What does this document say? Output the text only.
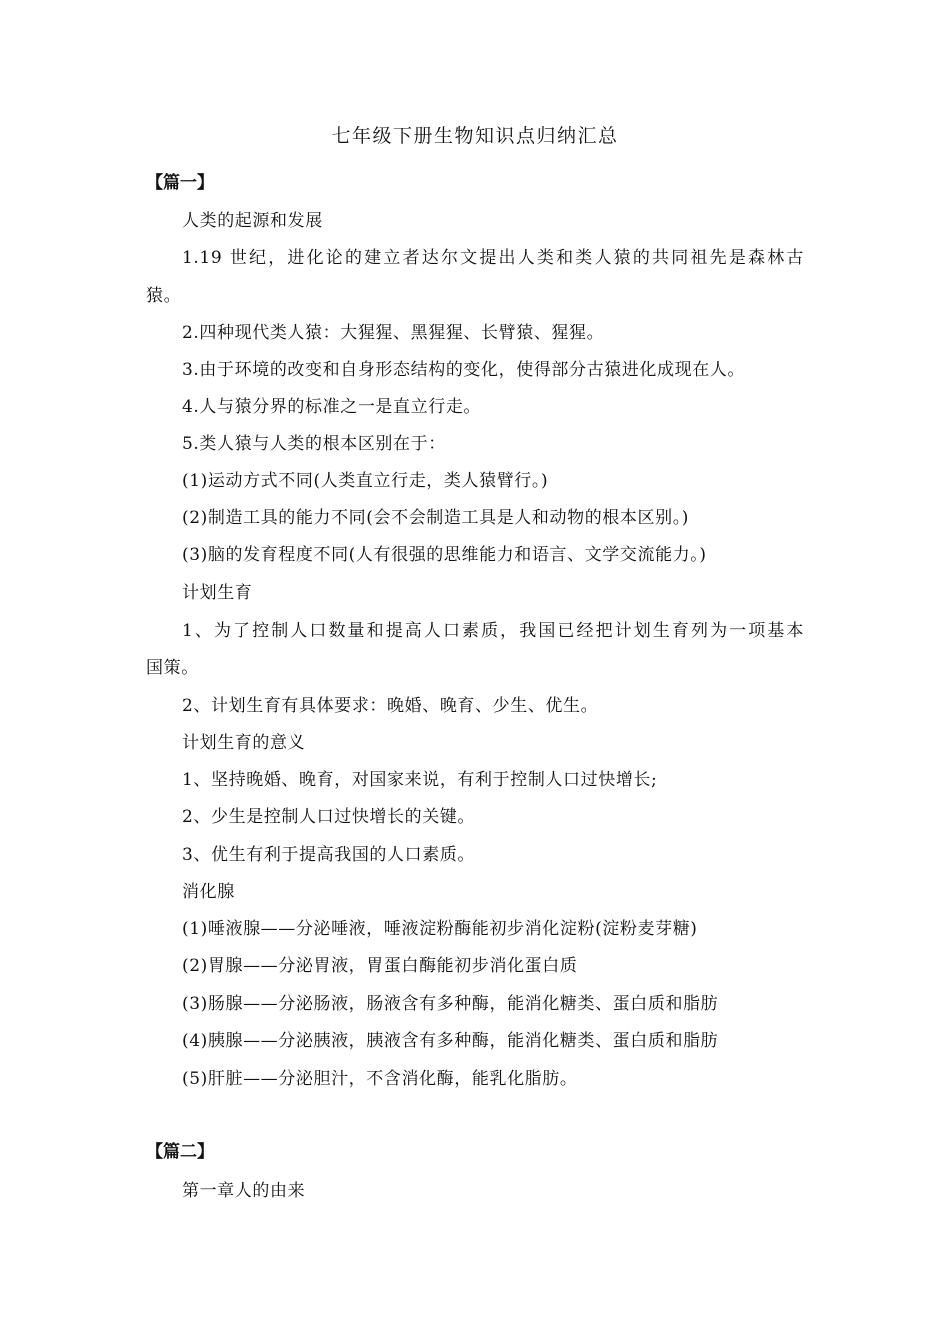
七年级下册生物知识点归纳汇总
【篇一】
人类的起源和发展
1.19 世纪，进化论的建立者达尔文提出人类和类人猿的共同祖先是森林古
猿。
2.四种现代类人猿：大猩猩、黑猩猩、长臂猿、猩猩。
3.由于环境的改变和自身形态结构的变化，使得部分古猿进化成现在人。
4.人与猿分界的标准之一是直立行走。
5.类人猿与人类的根本区别在于：
(1)运动方式不同(人类直立行走，类人猿臂行。)
(2)制造工具的能力不同(会不会制造工具是人和动物的根本区别。)
(3)脑的发育程度不同(人有很强的思维能力和语言、文学交流能力。)
计划生育
1、为了控制人口数量和提高人口素质，我国已经把计划生育列为一项基本
国策。
2、计划生育有具体要求：晚婚、晚育、少生、优生。
计划生育的意义
1、坚持晚婚、晚育，对国家来说，有利于控制人口过快增长;
2、少生是控制人口过快增长的关键。
3、优生有利于提高我国的人口素质。
消化腺
(1)唾液腺——分泌唾液，唾液淀粉酶能初步消化淀粉(淀粉麦芽糖)
(2)胃腺——分泌胃液，胃蛋白酶能初步消化蛋白质
(3)肠腺——分泌肠液，肠液含有多种酶，能消化糖类、蛋白质和脂肪
(4)胰腺——分泌胰液，胰液含有多种酶，能消化糖类、蛋白质和脂肪
(5)肝脏——分泌胆汁，不含消化酶，能乳化脂肪。
【篇二】
第一章人的由来
